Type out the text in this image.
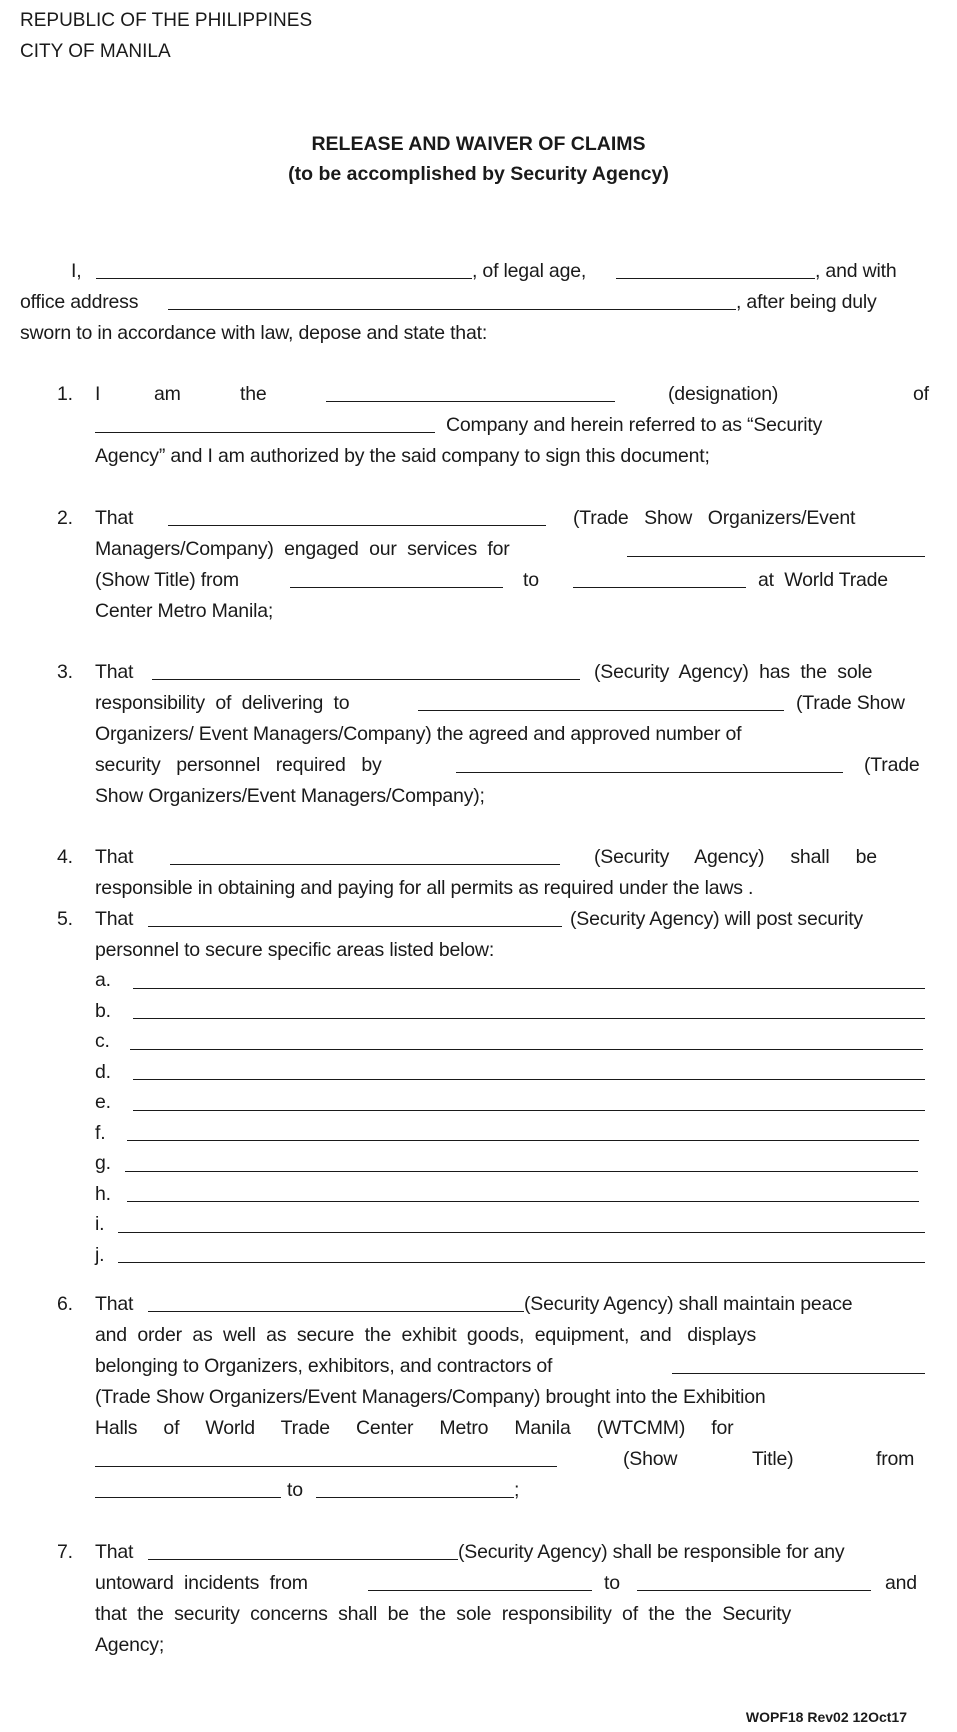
REPUBLIC OF THE PHILIPPINES
CITY OF MANILA
RELEASE AND WAIVER OF CLAIMS
(to be accomplished by Security Agency)
I,	, of legal age,	, and with
office address	, after being duly
sworn to in accordance with law, depose and state that:
1. I	am	the	(designation)	of
Company and herein referred to as “Security
Agency” and I am authorized by the said company to sign this document;
2. That	(Trade   Show   Organizers/Event
Managers/Company)  engaged  our  services  for
(Show Title) from	to	at  World Trade
Center Metro Manila;
3. That	(Security  Agency)  has  the  sole
responsibility  of  delivering  to	(Trade Show
Organizers/ Event Managers/Company) the agreed and approved number of
security   personnel   required   by	(Trade
Show Organizers/Event Managers/Company);
4. That	(Security     Agency)     shall     be
responsible in obtaining and paying for all permits as required under the laws .
5. That	(Security Agency) will post security
personnel to secure specific areas listed below:
a.
b.
c.
d.
e.
f.
g.
h.
i.
j.
6. That	(Security Agency) shall maintain peace
and  order  as  well  as  secure  the  exhibit  goods,  equipment,  and   displays
belonging to Organizers, exhibitors, and contractors of
(Trade Show Organizers/Event Managers/Company) brought into the Exhibition
Halls     of     World     Trade     Center     Metro     Manila     (WTCMM)     for
(Show	Title)	from
to	;
7. That	(Security Agency) shall be responsible for any
untoward  incidents  from	to	and
that  the  security  concerns  shall  be  the  sole  responsibility  of  the  the  Security
Agency;
WOPF18 Rev02 12Oct17
